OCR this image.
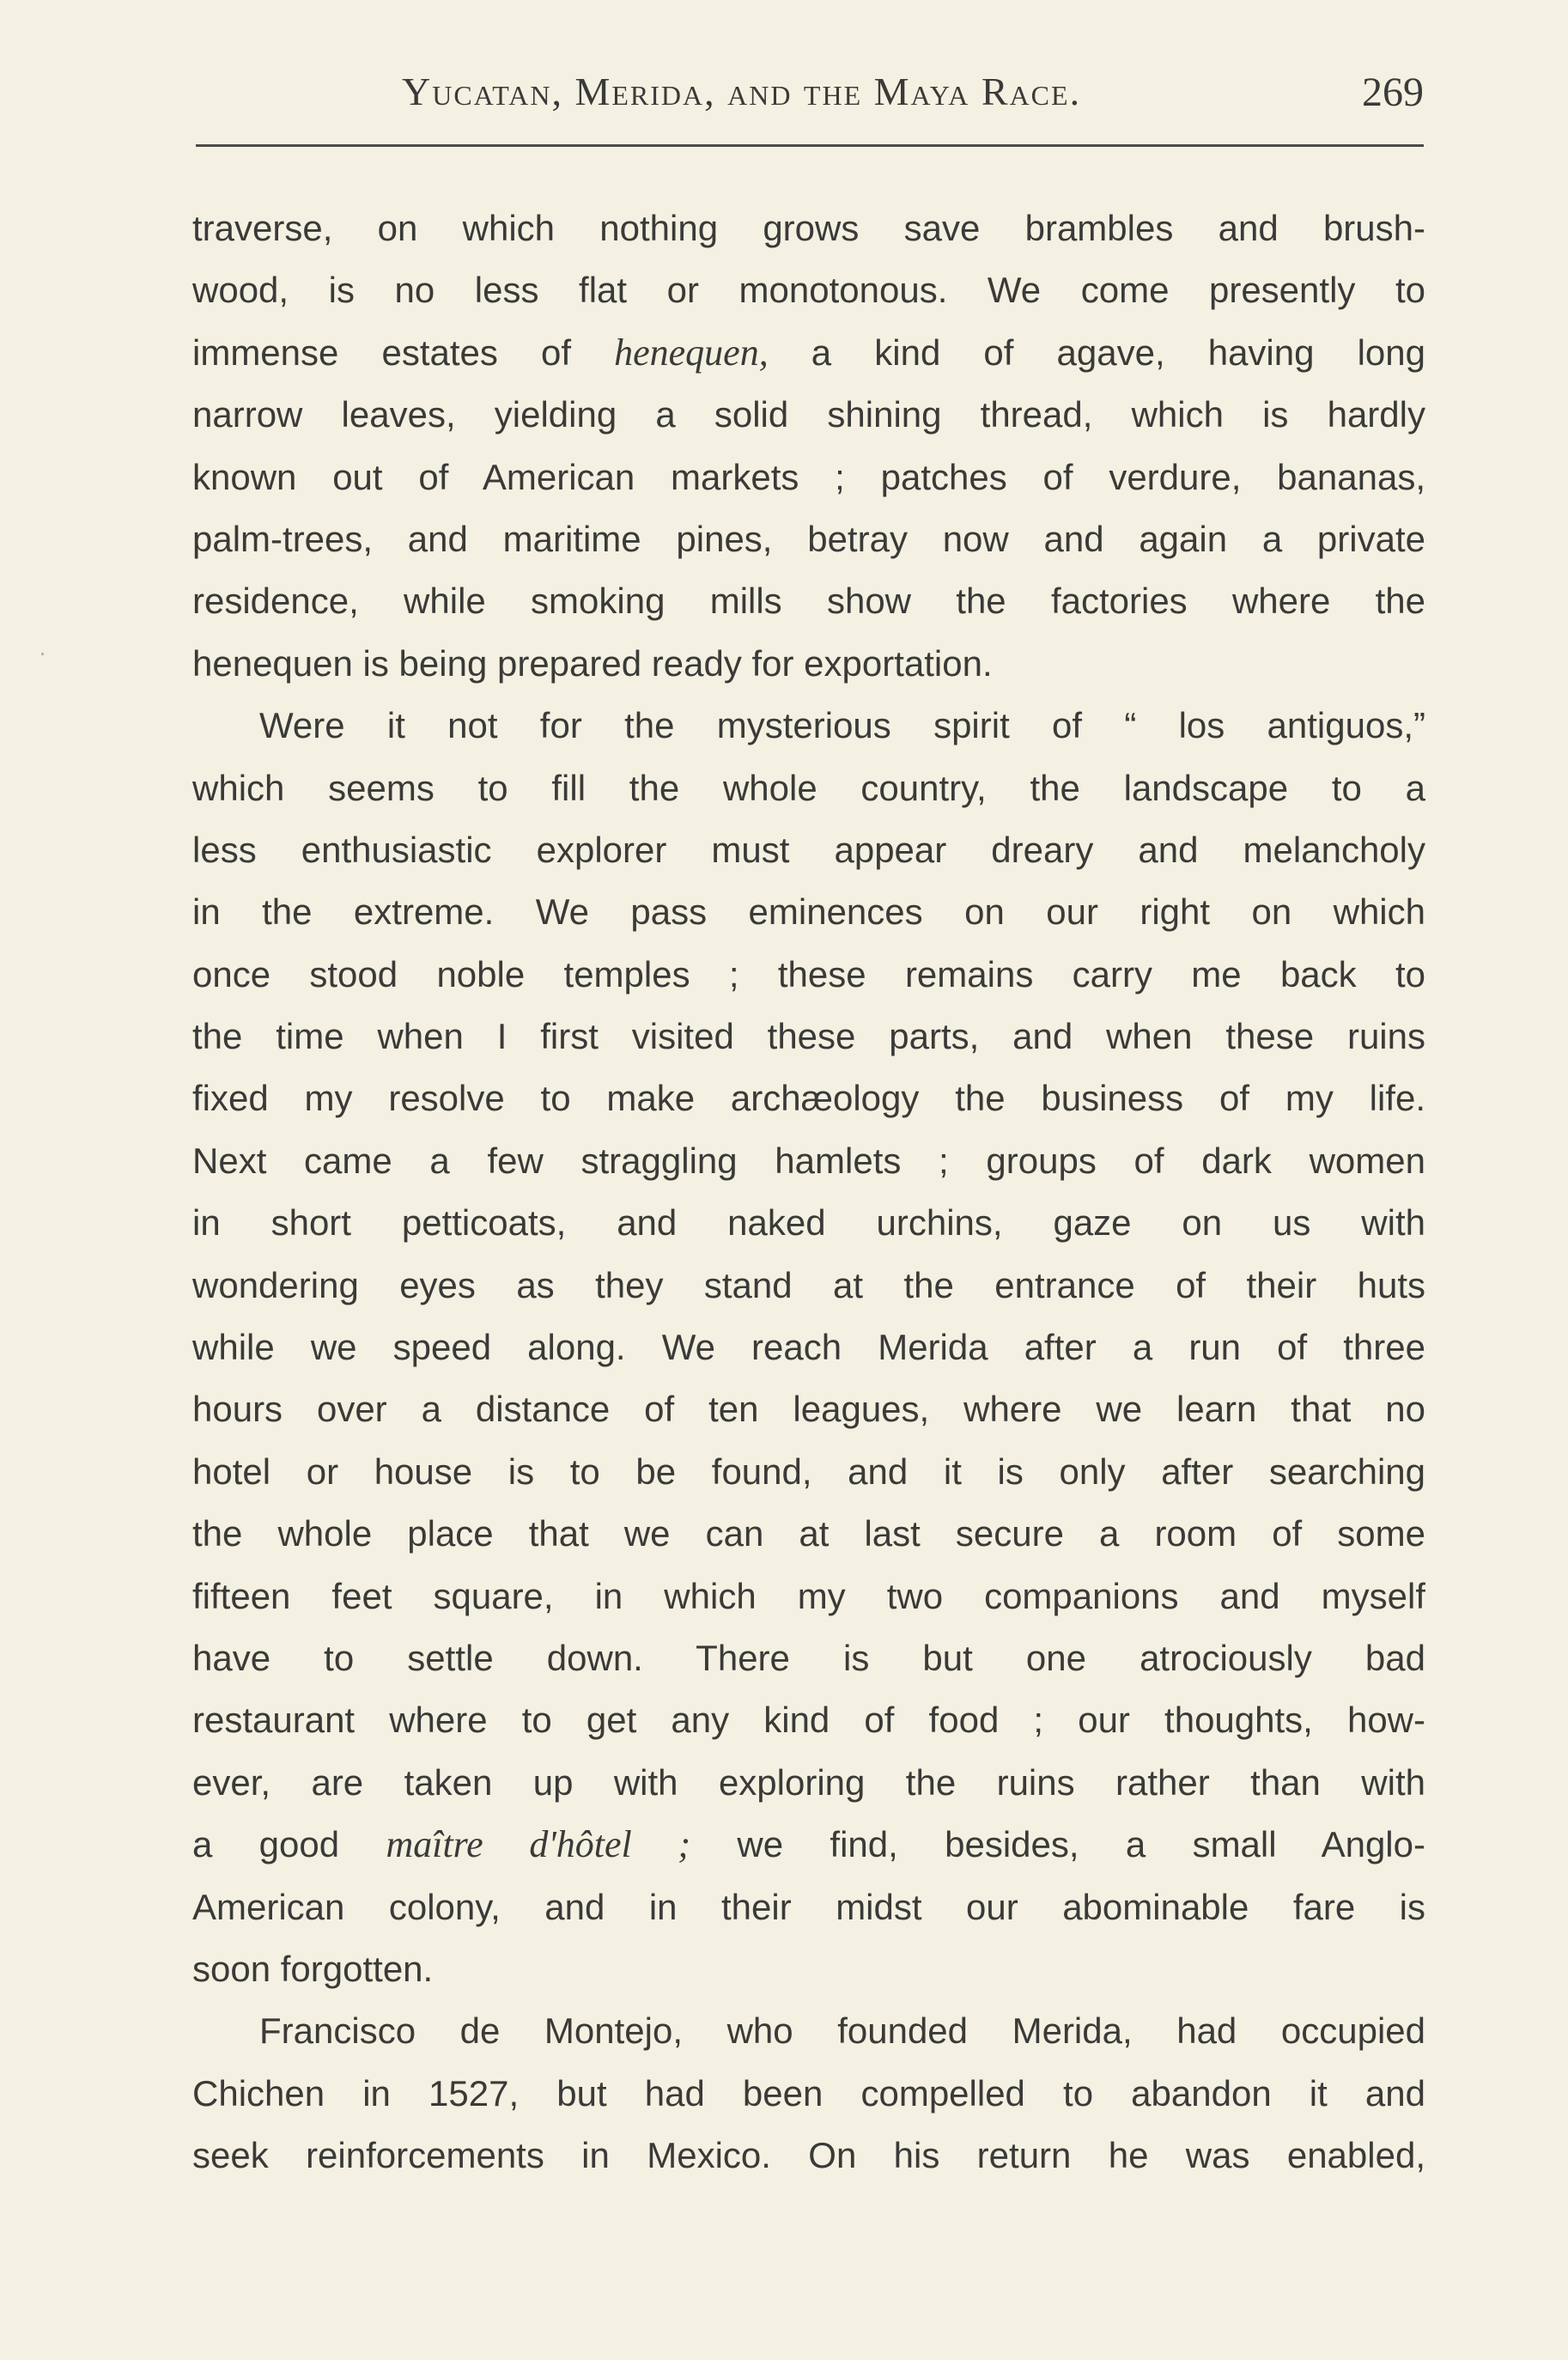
Yucatan, Merida, and the Maya Race.	269
traverse, on which nothing grows save brambles and brush-
wood, is no less flat or monotonous. We come presently to
immense estates of henequen, a kind of agave, having long
narrow leaves, yielding a solid shining thread, which is hardly
known out of American markets ; patches of verdure, bananas,
palm-trees, and maritime pines, betray now and again a private
residence, while smoking mills show the factories where the
henequen is being prepared ready for exportation.
Were it not for the mysterious spirit of “ los antiguos,”
which seems to fill the whole country, the landscape to a
less enthusiastic explorer must appear dreary and melancholy
in the extreme. We pass eminences on our right on which
once stood noble temples ; these remains carry me back to
the time when I first visited these parts, and when these ruins
fixed my resolve to make archæology the business of my life.
Next came a few straggling hamlets ; groups of dark women
in short petticoats, and naked urchins, gaze on us with
wondering eyes as they stand at the entrance of their huts
while we speed along. We reach Merida after a run of three
hours over a distance of ten leagues, where we learn that no
hotel or house is to be found, and it is only after searching
the whole place that we can at last secure a room of some
fifteen feet square, in which my two companions and myself
have to settle down. There is but one atrociously bad
restaurant where to get any kind of food ; our thoughts, how-
ever, are taken up with exploring the ruins rather than with
a good maître d'hôtel ; we find, besides, a small Anglo-
American colony, and in their midst our abominable fare is
soon forgotten.
Francisco de Montejo, who founded Merida, had occupied
Chichen in 1527, but had been compelled to abandon it and
seek reinforcements in Mexico. On his return he was enabled,
